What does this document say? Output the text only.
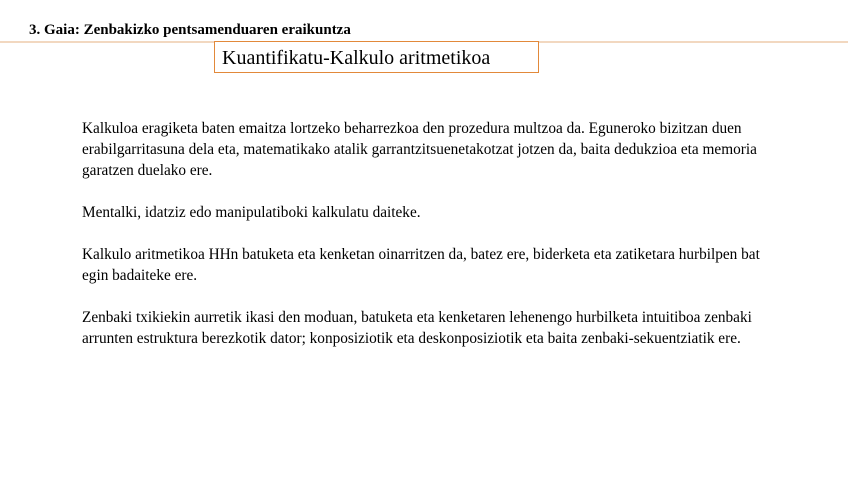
3. Gaia: Zenbakizko pentsamenduaren eraikuntza
Kuantifikatu-Kalkulo aritmetikoa

Kalkuloa eragiketa baten emaitza lortzeko beharrezkoa den prozedura multzoa da. Eguneroko bizitzan duen erabilgarritasuna dela eta, matematikako atalik garrantzitsuenetakotzat jotzen da, baita dedukzioa eta memoria garatzen duelako ere.

Mentalki, idatziz edo manipulatiboki kalkulatu daiteke.

Kalkulo aritmetikoa HHn batuketa eta kenketan oinarritzen da, batez ere, biderketa eta zatiketara hurbilpen bat egin badaiteke ere.

Zenbaki txikiekin aurretik ikasi den moduan, batuketa eta kenketaren lehenengo hurbilketa intuitiboa zenbaki arrunten estruktura berezkotik dator; konposiziotik eta deskonposiziotik eta baita zenbaki-sekuentziatik ere.
